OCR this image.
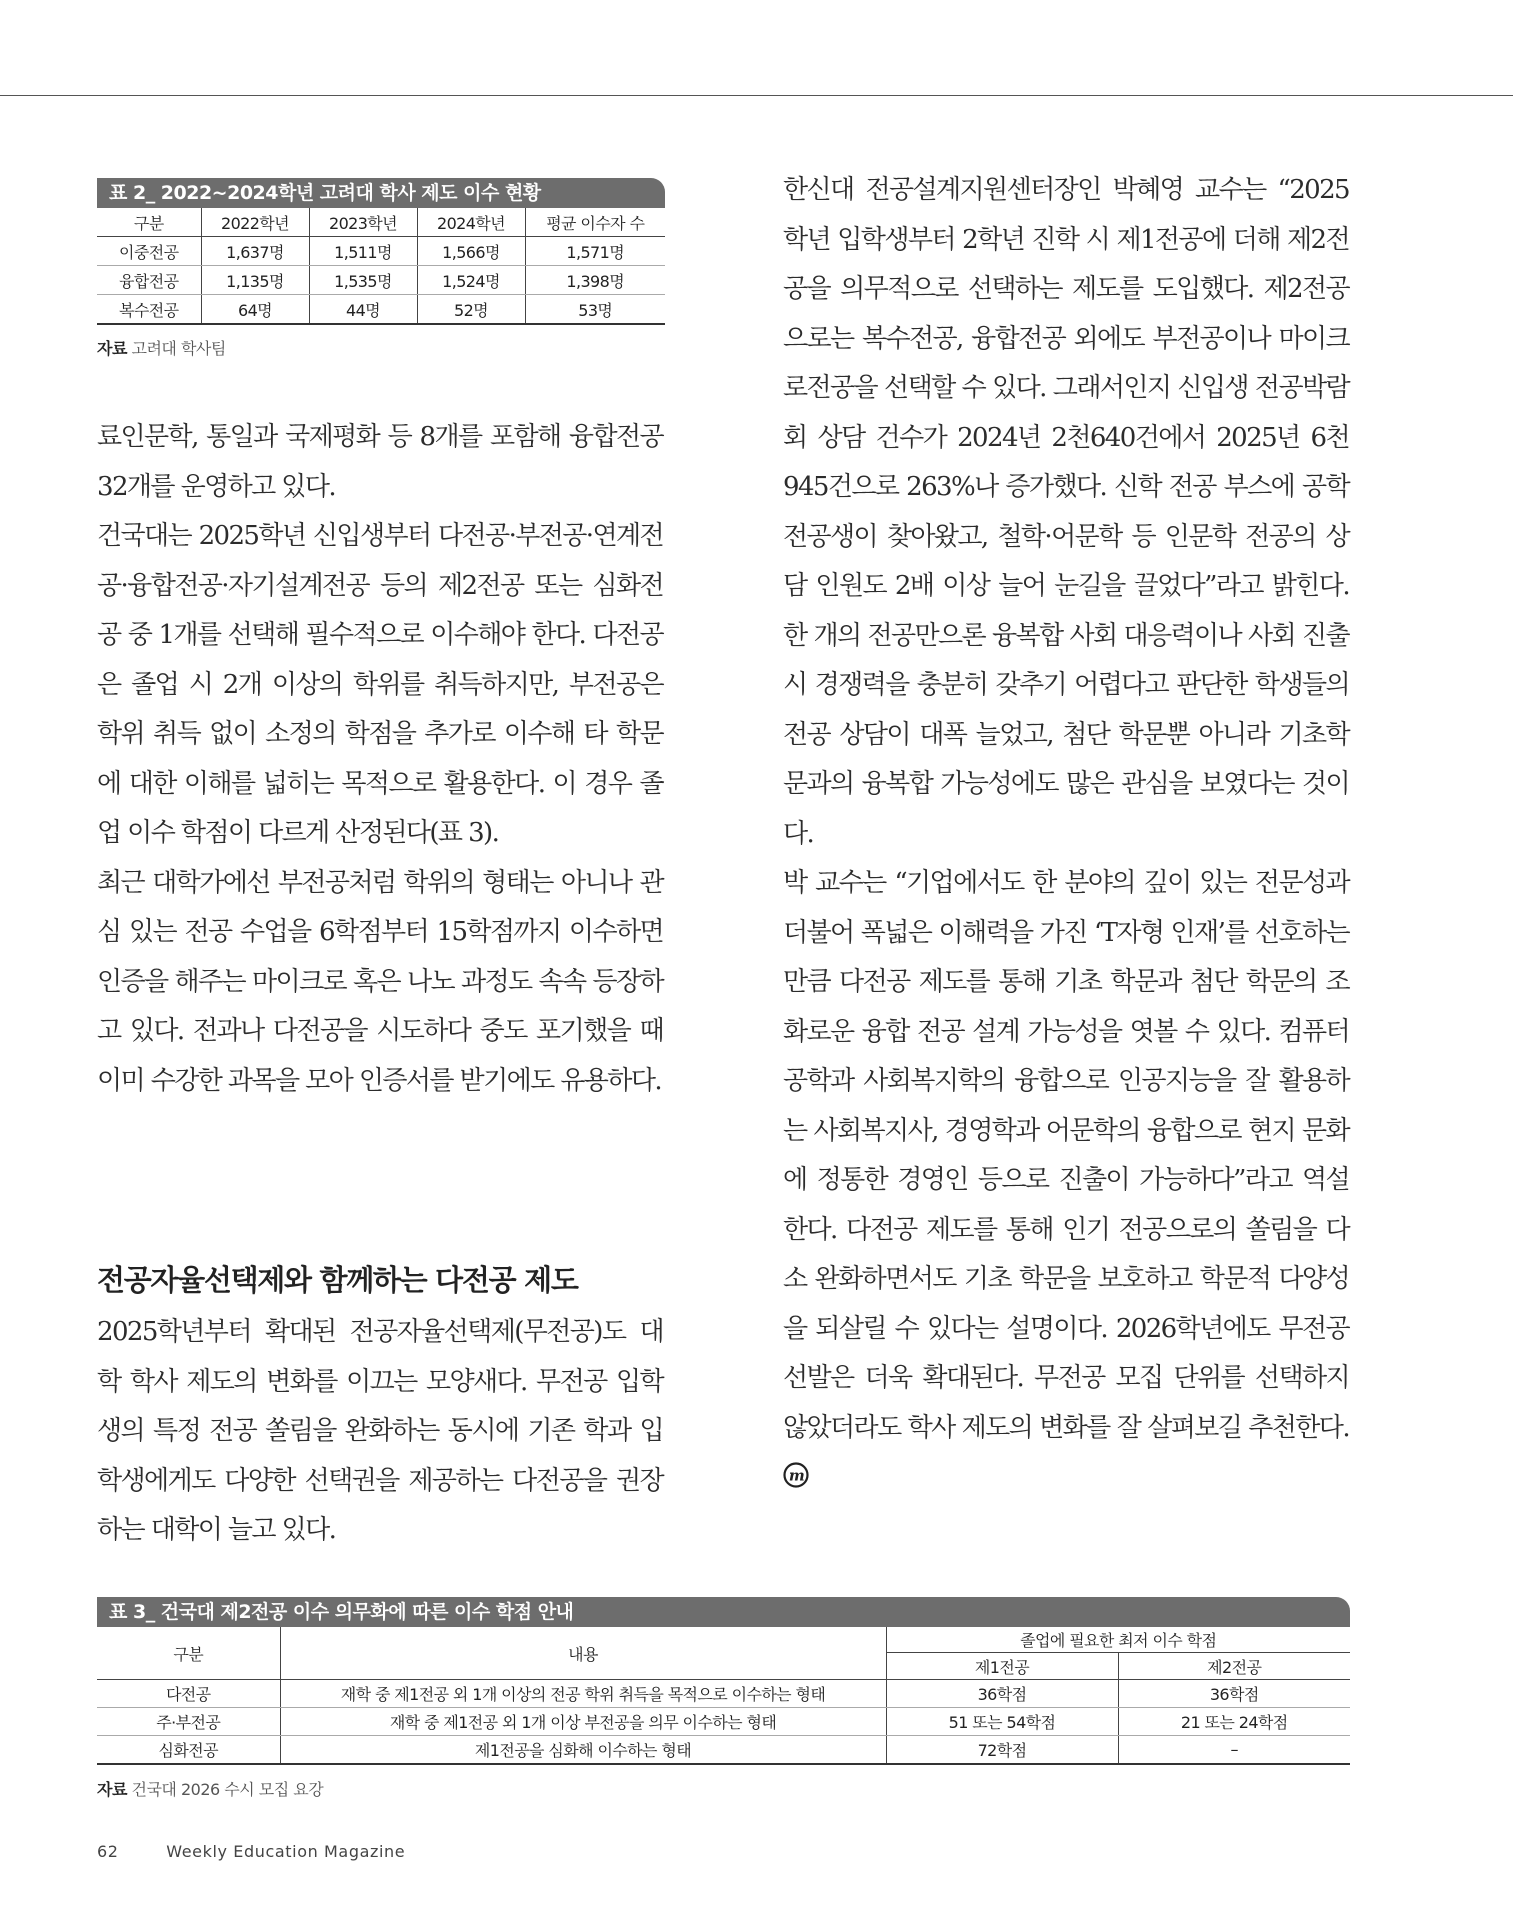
표 2_ 2022~2024학년 고려대 학사 제도 이수 현황
구분	2022학년	2023학년	2024학년	평균 이수자 수
이중전공	1,637명	1,511명	1,566명	1,571명
융합전공	1,135명	1,535명	1,524명	1,398명
복수전공	64명	44명	52명	53명
자료 고려대 학사팀

료인문학, 통일과 국제평화 등 8개를 포함해 융합전공 32개를 운영하고 있다.

건국대는 2025학년 신입생부터 다전공·부전공·연계전공·융합전공·자기설계전공 등의 제2전공 또는 심화전공 중 1개를 선택해 필수적으로 이수해야 한다. 다전공은 졸업 시 2개 이상의 학위를 취득하지만, 부전공은 학위 취득 없이 소정의 학점을 추가로 이수해 타 학문에 대한 이해를 넓히는 목적으로 활용한다. 이 경우 졸업 이수 학점이 다르게 산정된다(표 3).

최근 대학가에선 부전공처럼 학위의 형태는 아니나 관심 있는 전공 수업을 6학점부터 15학점까지 이수하면 인증을 해주는 마이크로 혹은 나노 과정도 속속 등장하고 있다. 전과나 다전공을 시도하다 중도 포기했을 때 이미 수강한 과목을 모아 인증서를 받기에도 유용하다.

전공자율선택제와 함께하는 다전공 제도

2025학년부터 확대된 전공자율선택제(무전공)도 대학 학사 제도의 변화를 이끄는 모양새다. 무전공 입학생의 특정 전공 쏠림을 완화하는 동시에 기존 학과 입학생에게도 다양한 선택권을 제공하는 다전공을 권장하는 대학이 늘고 있다.

한신대 전공설계지원센터장인 박혜영 교수는 “2025학년 입학생부터 2학년 진학 시 제1전공에 더해 제2전공을 의무적으로 선택하는 제도를 도입했다. 제2전공으로는 복수전공, 융합전공 외에도 부전공이나 마이크로전공을 선택할 수 있다. 그래서인지 신입생 전공박람회 상담 건수가 2024년 2천640건에서 2025년 6천945건으로 263%나 증가했다. 신학 전공 부스에 공학 전공생이 찾아왔고, 철학·어문학 등 인문학 전공의 상담 인원도 2배 이상 늘어 눈길을 끌었다”라고 밝힌다. 한 개의 전공만으론 융복합 사회 대응력이나 사회 진출 시 경쟁력을 충분히 갖추기 어렵다고 판단한 학생들의 전공 상담이 대폭 늘었고, 첨단 학문뿐 아니라 기초학문과의 융복합 가능성에도 많은 관심을 보였다는 것이다.

박 교수는 “기업에서도 한 분야의 깊이 있는 전문성과 더불어 폭넓은 이해력을 가진 ‘T자형 인재’를 선호하는 만큼 다전공 제도를 통해 기초 학문과 첨단 학문의 조화로운 융합 전공 설계 가능성을 엿볼 수 있다. 컴퓨터공학과 사회복지학의 융합으로 인공지능을 잘 활용하는 사회복지사, 경영학과 어문학의 융합으로 현지 문화에 정통한 경영인 등으로 진출이 가능하다”라고 역설한다. 다전공 제도를 통해 인기 전공으로의 쏠림을 다소 완화하면서도 기초 학문을 보호하고 학문적 다양성을 되살릴 수 있다는 설명이다. 2026학년에도 무전공 선발은 더욱 확대된다. 무전공 모집 단위를 선택하지 않았더라도 학사 제도의 변화를 잘 살펴보길 추천한다.
m

표 3_ 건국대 제2전공 이수 의무화에 따른 이수 학점 안내
구분	내용	졸업에 필요한 최저 이수 학점	
		제1전공	제2전공
다전공	재학 중 제1전공 외 1개 이상의 전공 학위 취득을 목적으로 이수하는 형태	36학점	36학점
주·부전공	재학 중 제1전공 외 1개 이상 부전공을 의무 이수하는 형태	51 또는 54학점	21 또는 24학점
심화전공	제1전공을 심화해 이수하는 형태	72학점	–
자료 건국대 2026 수시 모집 요강
62	Weekly Education Magazine
